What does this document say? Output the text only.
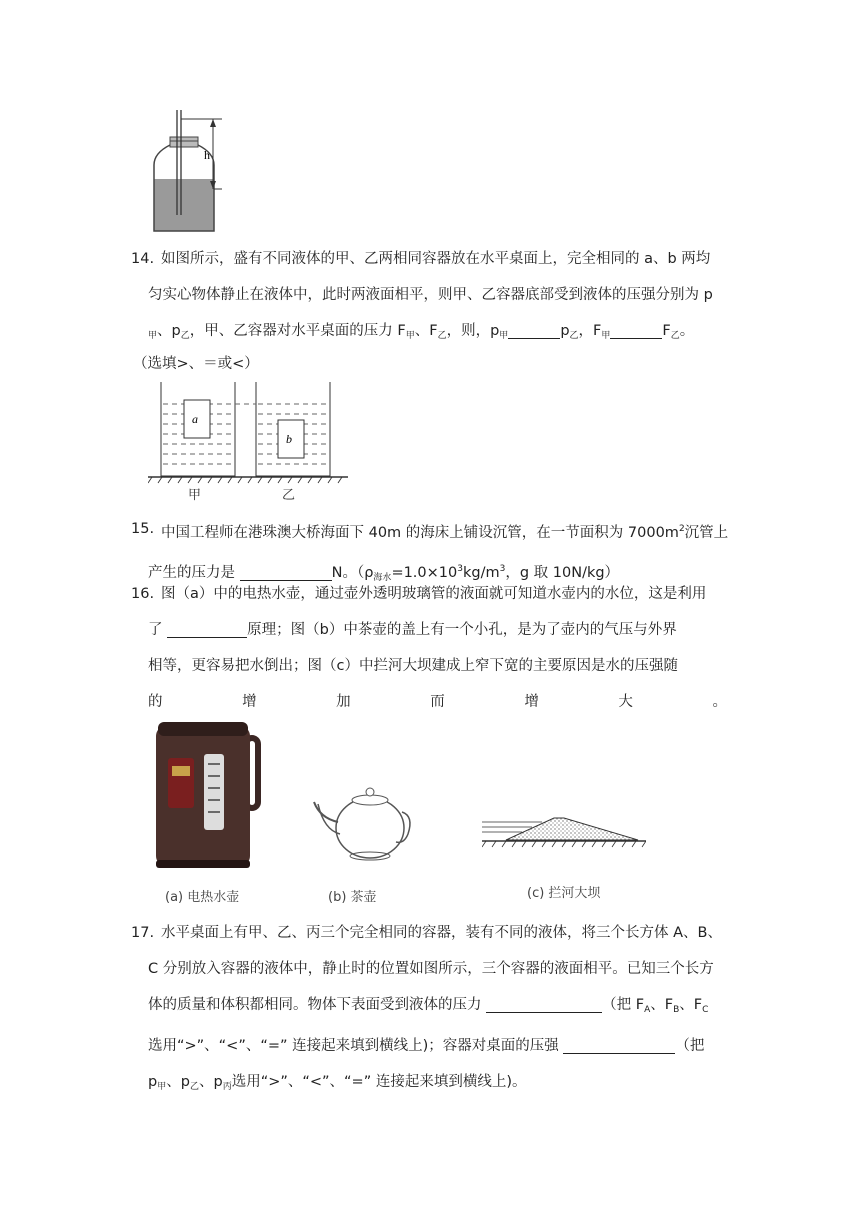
h
14. 如图所示，盛有不同液体的甲、乙两相同容器放在水平桌面上，完全相同的 a、b 两均
匀实心物体静止在液体中，此时两液面相平，则甲、乙容器底部受到液体的压强分别为 p
$_甲$、$p_乙$，甲、乙容器对水平桌面的压力 $F_甲$、$F_乙$，则，$p_甲$	$p_乙$，$F_甲$	$F_乙$。
（选填>、＝或<）
a
b
甲	乙
15. 中国工程师在港珠澳大桥海面下 40m 的海床上铺设沉管，在一节面积为 $7000m^2$沉管上
产生的压力是	N。（$\rho_{海水}=1.0\times 10^3kg/m^3$，g 取 10N/kg）
16. 图（a）中的电热水壶，通过壶外透明玻璃管的液面就可知道水壶内的水位，这是利用
了	原理；图（b）中茶壶的盖上有一个小孔，是为了壶内的气压与外界
相等，更容易把水倒出；图（c）中拦河大坝建成上窄下宽的主要原因是水的压强随
的	增	加	而	增	大	。
(a) 电热水壶	(b) 茶壶	(c) 拦河大坝
17. 水平桌面上有甲、乙、丙三个完全相同的容器，装有不同的液体，将三个长方体 A、B、
C 分别放入容器的液体中，静止时的位置如图所示，三个容器的液面相平。已知三个长方
体的质量和体积都相同。物体下表面受到液体的压力	（把 $F_A$、$F_B$、$F_C$
选用“>”、“<”、“=” 连接起来填到横线上)；容器对桌面的压强	（把
$p_甲$、$p_乙$、$p_丙$选用“>”、“<”、“=” 连接起来填到横线上)。
